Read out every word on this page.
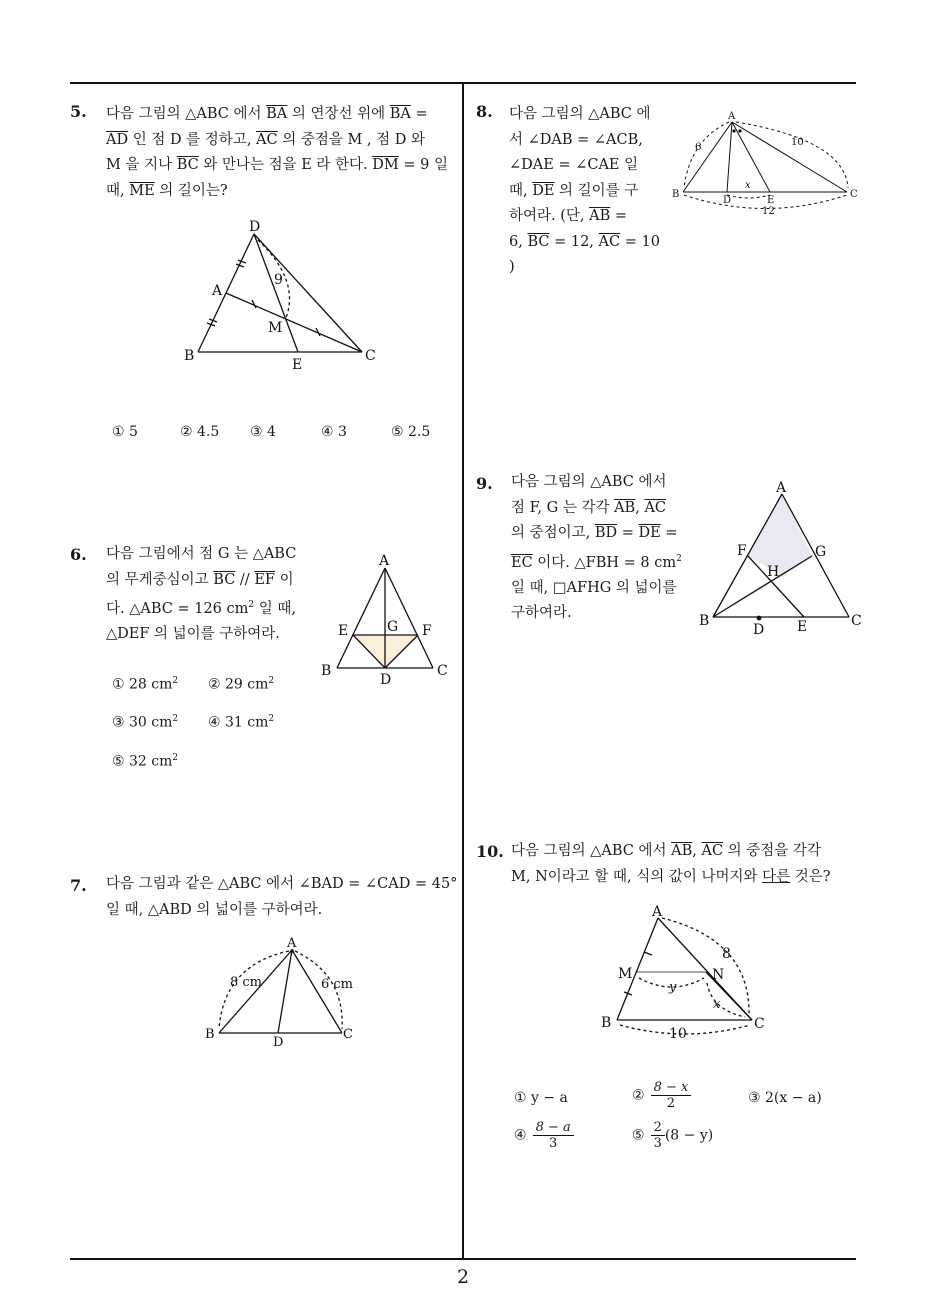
5. 다음 그림의 △ABC 에서 $\overline{BA}$ 의 연장선 위에 $\overline{BA}$ =
$\overline{AD}$ 인 점 D 를 정하고, $\overline{AC}$ 의 중점을 M , 점 D 와
M 을 지나 $\overline{BC}$ 와 만나는 점을 E 라 한다. $\overline{DM} = 9$ 일
때, $\overline{ME}$ 의 길이는?
D
A
B	C
E
M
9
① 5	② 4.5 ③ 4	④ 3	⑤ 2.5
6. 다음 그림에서 점 G 는 △ABC
의 무게중심이고 $\overline{BC} // \overline{EF}$ 이
다. △ABC = 126 $cm^2$ 일 때,
△DEF 의 넓이를 구하여라.
A
E	G F
B
D
C
① 28 $cm^2$ ② 29 $cm^2$
③ 30 $cm^2$ ④ 31 $cm^2$
⑤ 32 $cm^2$
7. 다음 그림과 같은 △ABC 에서 ∠BAD = ∠CAD = 45°
일 때, △ABD 의 넓이를 구하여라.
A
B	C
D
8 cm	6 cm
8. 다음 그림의 △ABC 에
서 ∠DAB = ∠ACB,
∠DAE = ∠CAE 일
때, $\overline{DE}$ 의 길이를 구
하여라. (단, $\overline{AB}$ =
6, $\overline{BC} = 12$, $\overline{AC} = 10$ )
A
B	C
D	E
6	10
12
x
9. 다음 그림의 △ABC 에서
점 F, G 는 각각 $\overline{AB}$, $\overline{AC}$
의 중점이고, $\overline{BD} = \overline{DE}$ =
$\overline{EC}$ 이다. △FBH = 8 $cm^2$
일 때, □AFHG 의 넓이를
구하여라.
A
F	G
H
B
D E	C
10. 다음 그림의 △ABC 에서 $\overline{AB}$, $\overline{AC}$ 의 중점을 각각
M, N이라고 할 때, 식의 값이 나머지와 다른 것은?
A
M	N
B	C
8
y
x
10
① y − a	② $\frac{8 - x}{2}$	③ 2(x − a)
④ $\frac{8 - a}{3}$	⑤ $\frac{2}{3} (8 - y)$
2
